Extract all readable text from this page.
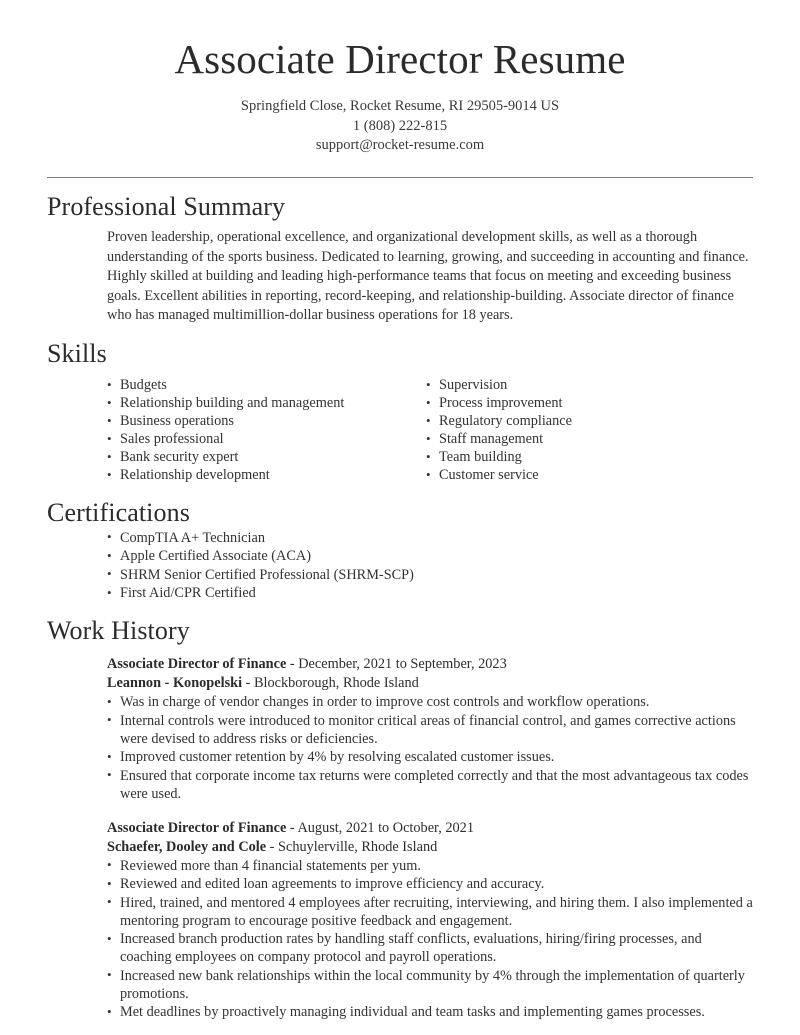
Associate Director Resume
Springfield Close, Rocket Resume, RI 29505-9014 US
1 (808) 222-815
support@rocket-resume.com
Professional Summary

Proven leadership, operational excellence, and organizational development skills, as well as a thorough understanding of the sports business. Dedicated to learning, growing, and succeeding in accounting and finance. Highly skilled at building and leading high-performance teams that focus on meeting and exceeding business goals. Excellent abilities in reporting, record-keeping, and relationship-building. Associate director of finance who has managed multimillion-dollar business operations for 18 years.

Skills
• Budgets
• Relationship building and management
• Business operations
• Sales professional
• Bank security expert
• Relationship development
• Supervision
• Process improvement
• Regulatory compliance
• Staff management
• Team building
• Customer service
Certifications
• CompTIA A+ Technician
• Apple Certified Associate (ACA)
• SHRM Senior Certified Professional (SHRM-SCP)
• First Aid/CPR Certified
Work History
Associate Director of Finance - December, 2021 to September, 2023
Leannon - Konopelski - Blockborough, Rhode Island
• Was in charge of vendor changes in order to improve cost controls and workflow operations.
• Internal controls were introduced to monitor critical areas of financial control, and games corrective actions were devised to address risks or deficiencies.
• Improved customer retention by 4% by resolving escalated customer issues.
• Ensured that corporate income tax returns were completed correctly and that the most advantageous tax codes were used.
Associate Director of Finance - August, 2021 to October, 2021
Schaefer, Dooley and Cole - Schuylerville, Rhode Island
• Reviewed more than 4 financial statements per yum.
• Reviewed and edited loan agreements to improve efficiency and accuracy.
• Hired, trained, and mentored 4 employees after recruiting, interviewing, and hiring them. I also implemented a mentoring program to encourage positive feedback and engagement.
• Increased branch production rates by handling staff conflicts, evaluations, hiring/firing processes, and coaching employees on company protocol and payroll operations.
• Increased new bank relationships within the local community by 4% through the implementation of quarterly promotions.
• Met deadlines by proactively managing individual and team tasks and implementing games processes.
